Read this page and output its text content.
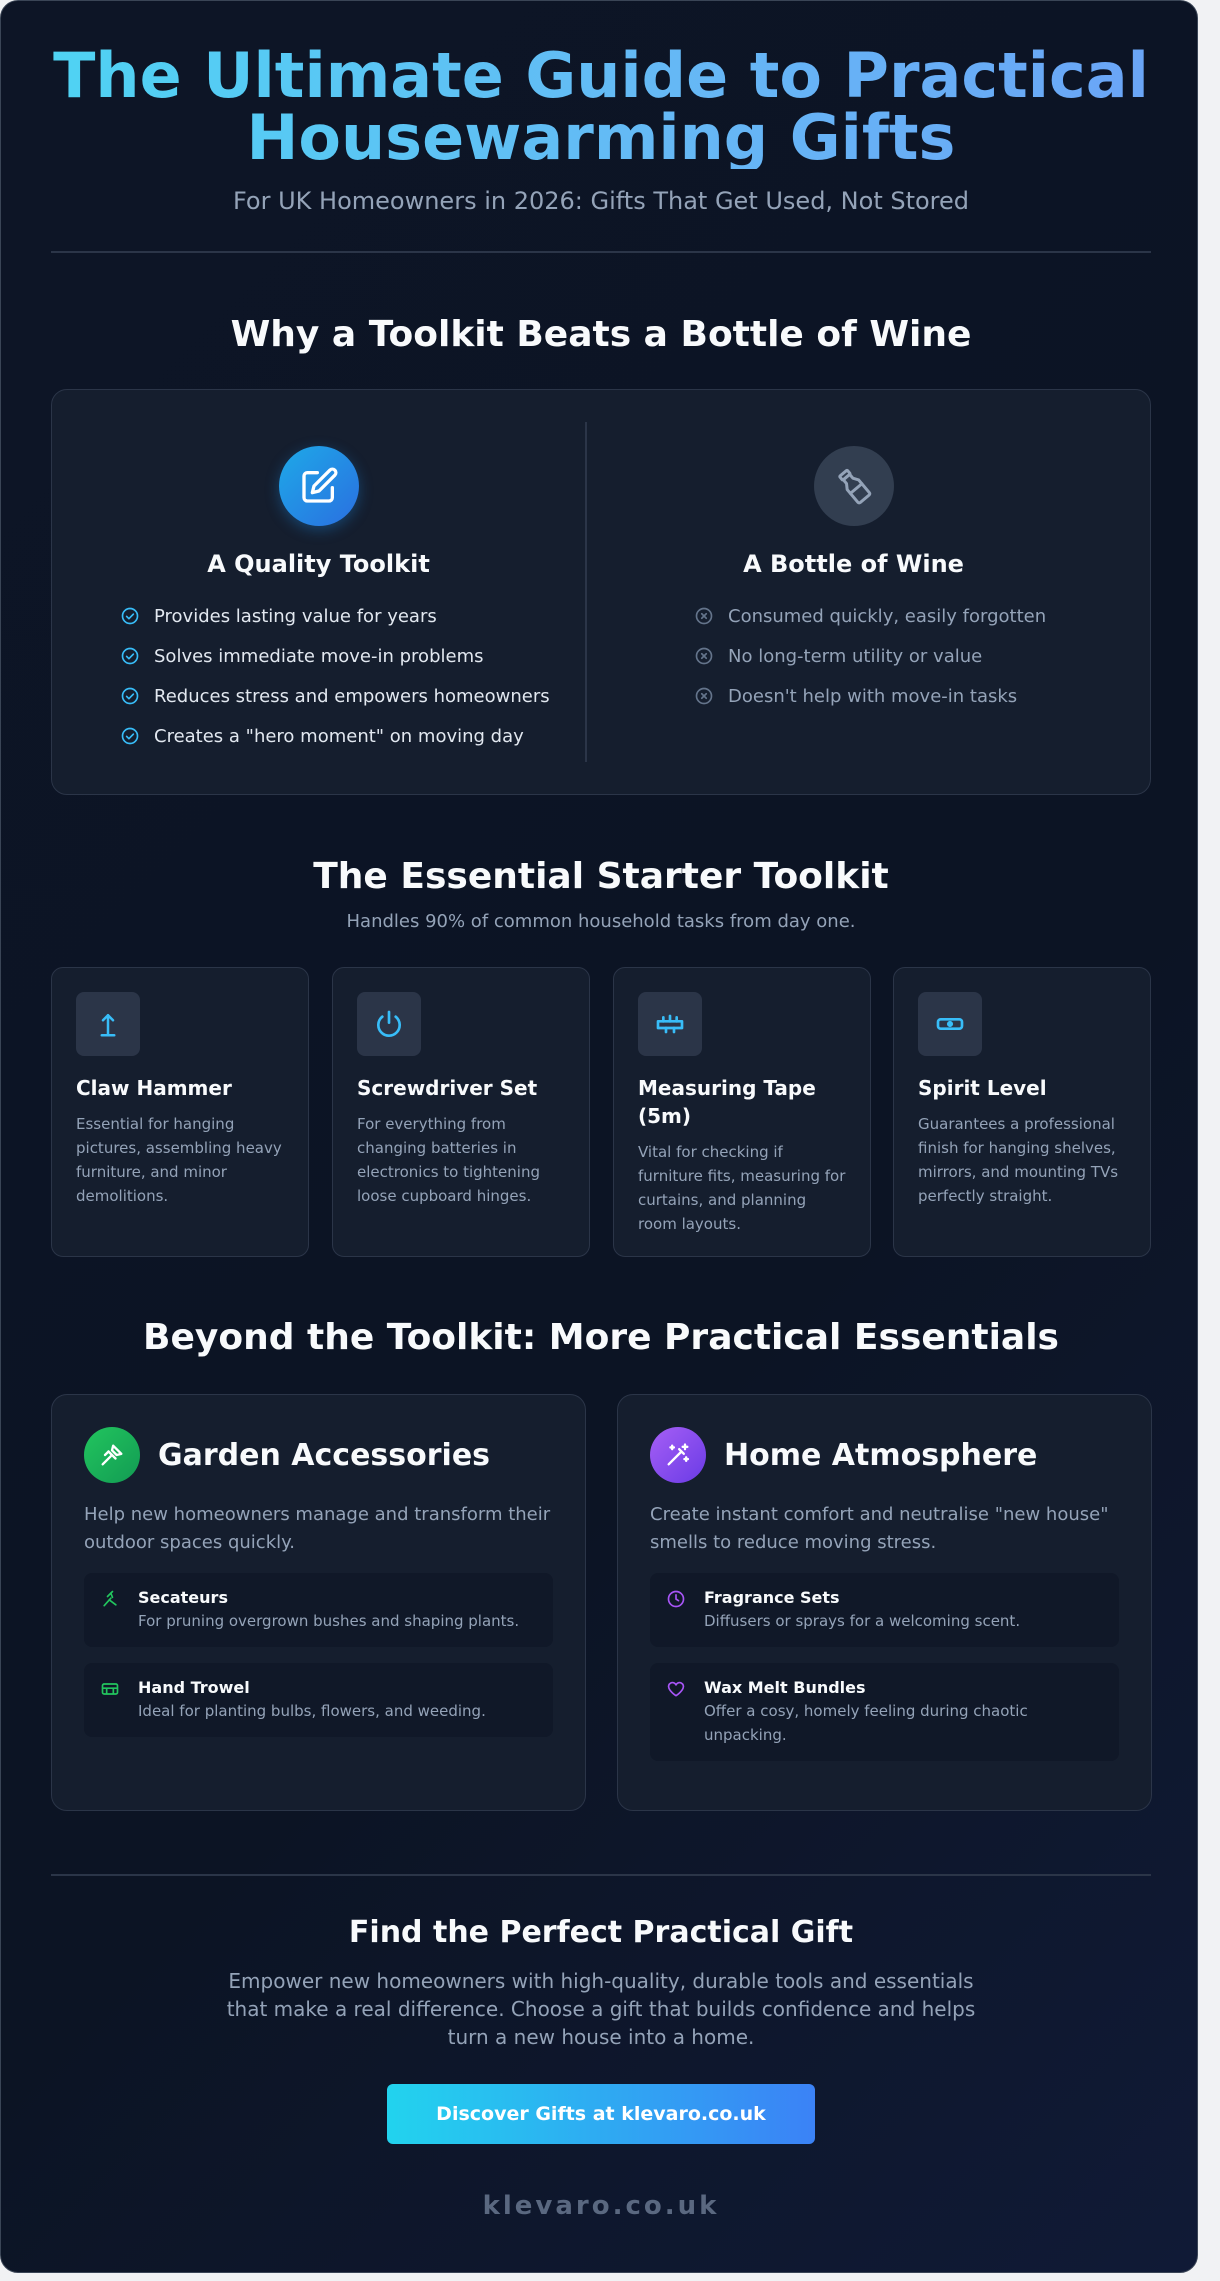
The Ultimate Guide to Practical
Housewarming Gifts
For UK Homeowners in 2026: Gifts That Get Used, Not Stored
Why a Toolkit Beats a Bottle of Wine
A Quality Toolkit
Provides lasting value for years
Solves immediate move-in problems
Reduces stress and empowers homeowners
Creates a "hero moment" on moving day
A Bottle of Wine
Consumed quickly, easily forgotten
No long-term utility or value
Doesn't help with move-in tasks
The Essential Starter Toolkit
Handles 90% of common household tasks from day one.
Claw Hammer
Essential for hanging pictures, assembling heavy furniture, and minor demolitions.
Screwdriver Set
For everything from changing batteries in electronics to tightening loose cupboard hinges.
Measuring Tape (5m)
Vital for checking if furniture fits, measuring for curtains, and planning room layouts.
Spirit Level
Guarantees a professional finish for hanging shelves, mirrors, and mounting TVs perfectly straight.
Beyond the Toolkit: More Practical Essentials
Garden Accessories
Help new homeowners manage and transform their outdoor spaces quickly.
Secateurs
For pruning overgrown bushes and shaping plants.
Hand Trowel
Ideal for planting bulbs, flowers, and weeding.
Home Atmosphere
Create instant comfort and neutralise "new house" smells to reduce moving stress.
Fragrance Sets
Diffusers or sprays for a welcoming scent.
Wax Melt Bundles
Offer a cosy, homely feeling during chaotic unpacking.
Find the Perfect Practical Gift
Empower new homeowners with high-quality, durable tools and essentials that make a real difference. Choose a gift that builds confidence and helps turn a new house into a home.
Discover Gifts at klevaro.co.uk
klevaro.co.uk
